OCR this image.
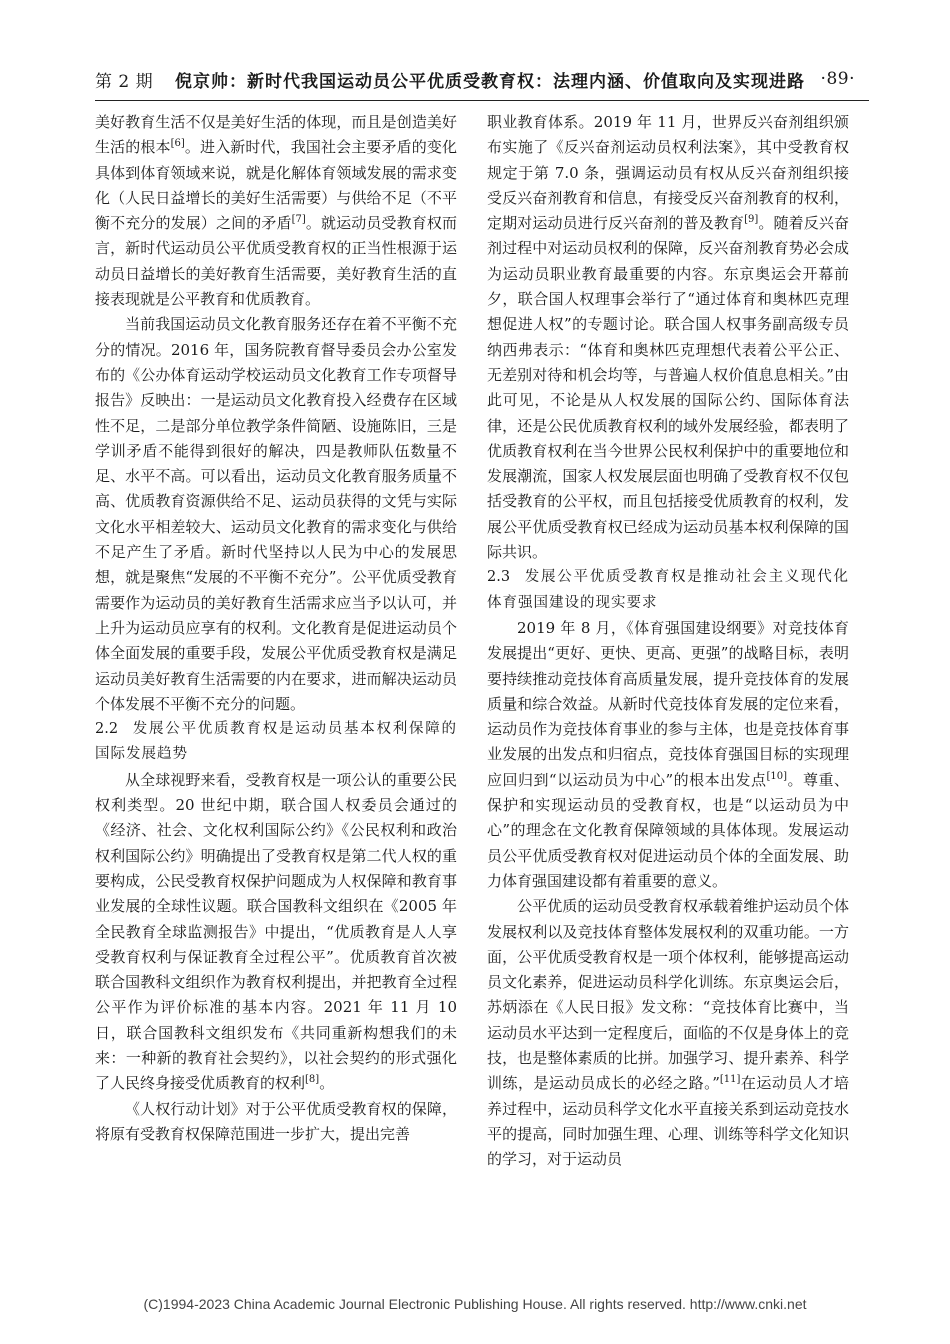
第 2 期	倪京帅：新时代我国运动员公平优质受教育权：法理内涵、价值取向及实现进路 ·89·

美好教育生活不仅是美好生活的体现，而且是创造美好生活的根本[6]。进入新时代，我国社会主要矛盾的变化具体到体育领域来说，就是化解体育领域发展的需求变化（人民日益增长的美好生活需要）与供给不足（不平衡不充分的发展）之间的矛盾[7]。就运动员受教育权而言，新时代运动员公平优质受教育权的正当性根源于运动员日益增长的美好教育生活需要，美好教育生活的直接表现就是公平教育和优质教育。

当前我国运动员文化教育服务还存在着不平衡不充分的情况。2016 年，国务院教育督导委员会办公室发布的《公办体育运动学校运动员文化教育工作专项督导报告》反映出：一是运动员文化教育投入经费存在区域性不足，二是部分单位教学条件简陋、设施陈旧，三是学训矛盾不能得到很好的解决，四是教师队伍数量不足、水平不高。可以看出，运动员文化教育服务质量不高、优质教育资源供给不足、运动员获得的文凭与实际文化水平相差较大、运动员文化教育的需求变化与供给不足产生了矛盾。新时代坚持以人民为中心的发展思想，就是聚焦“发展的不平衡不充分”。公平优质受教育需要作为运动员的美好教育生活需求应当予以认可，并上升为运动员应享有的权利。文化教育是促进运动员个体全面发展的重要手段，发展公平优质受教育权是满足运动员美好教育生活需要的内在要求，进而解决运动员个体发展不平衡不充分的问题。

2.2 发展公平优质教育权是运动员基本权利保障的国际发展趋势

从全球视野来看，受教育权是一项公认的重要公民权利类型。20 世纪中期，联合国人权委员会通过的《经济、社会、文化权利国际公约》《公民权利和政治权利国际公约》明确提出了受教育权是第二代人权的重要构成，公民受教育权保护问题成为人权保障和教育事业发展的全球性议题。联合国教科文组织在《2005 年全民教育全球监测报告》中提出，“优质教育是人人享受教育权利与保证教育全过程公平”。优质教育首次被联合国教科文组织作为教育权利提出，并把教育全过程公平作为评价标准的基本内容。2021 年 11 月 10 日，联合国教科文组织发布《共同重新构想我们的未来：一种新的教育社会契约》，以社会契约的形式强化了人民终身接受优质教育的权利[8]。

《人权行动计划》对于公平优质受教育权的保障，将原有受教育权保障范围进一步扩大，提出完善

职业教育体系。2019 年 11 月，世界反兴奋剂组织颁布实施了《反兴奋剂运动员权利法案》，其中受教育权规定于第 7.0 条，强调运动员有权从反兴奋剂组织接受反兴奋剂教育和信息，有接受反兴奋剂教育的权利，定期对运动员进行反兴奋剂的普及教育[9]。随着反兴奋剂过程中对运动员权利的保障，反兴奋剂教育势必会成为运动员职业教育最重要的内容。东京奥运会开幕前夕，联合国人权理事会举行了“通过体育和奥林匹克理想促进人权”的专题讨论。联合国人权事务副高级专员纳西弗表示：“体育和奥林匹克理想代表着公平公正、无差别对待和机会均等，与普遍人权价值息息相关。”由此可见，不论是从人权发展的国际公约、国际体育法律，还是公民优质教育权利的域外发展经验，都表明了优质教育权利在当今世界公民权利保护中的重要地位和发展潮流，国家人权发展层面也明确了受教育权不仅包括受教育的公平权，而且包括接受优质教育的权利，发展公平优质受教育权已经成为运动员基本权利保障的国际共识。

2.3 发展公平优质受教育权是推动社会主义现代化体育强国建设的现实要求

2019 年 8 月，《体育强国建设纲要》对竞技体育发展提出“更好、更快、更高、更强”的战略目标，表明要持续推动竞技体育高质量发展，提升竞技体育的发展质量和综合效益。从新时代竞技体育发展的定位来看，运动员作为竞技体育事业的参与主体，也是竞技体育事业发展的出发点和归宿点，竞技体育强国目标的实现理应回归到“以运动员为中心”的根本出发点[10]。尊重、保护和实现运动员的受教育权，也是“以运动员为中心”的理念在文化教育保障领域的具体体现。发展运动员公平优质受教育权对促进运动员个体的全面发展、助力体育强国建设都有着重要的意义。

公平优质的运动员受教育权承载着维护运动员个体发展权利以及竞技体育整体发展权利的双重功能。一方面，公平优质受教育权是一项个体权利，能够提高运动员文化素养，促进运动员科学化训练。东京奥运会后，苏炳添在《人民日报》发文称：“竞技体育比赛中，当运动员水平达到一定程度后，面临的不仅是身体上的竞技，也是整体素质的比拼。加强学习、提升素养、科学训练，是运动员成长的必经之路。”[11]在运动员人才培养过程中，运动员科学文化水平直接关系到运动竞技水平的提高，同时加强生理、心理、训练等科学文化知识的学习，对于运动员

(C)1994-2023 China Academic Journal Electronic Publishing House. All rights reserved. http://www.cnki.net
